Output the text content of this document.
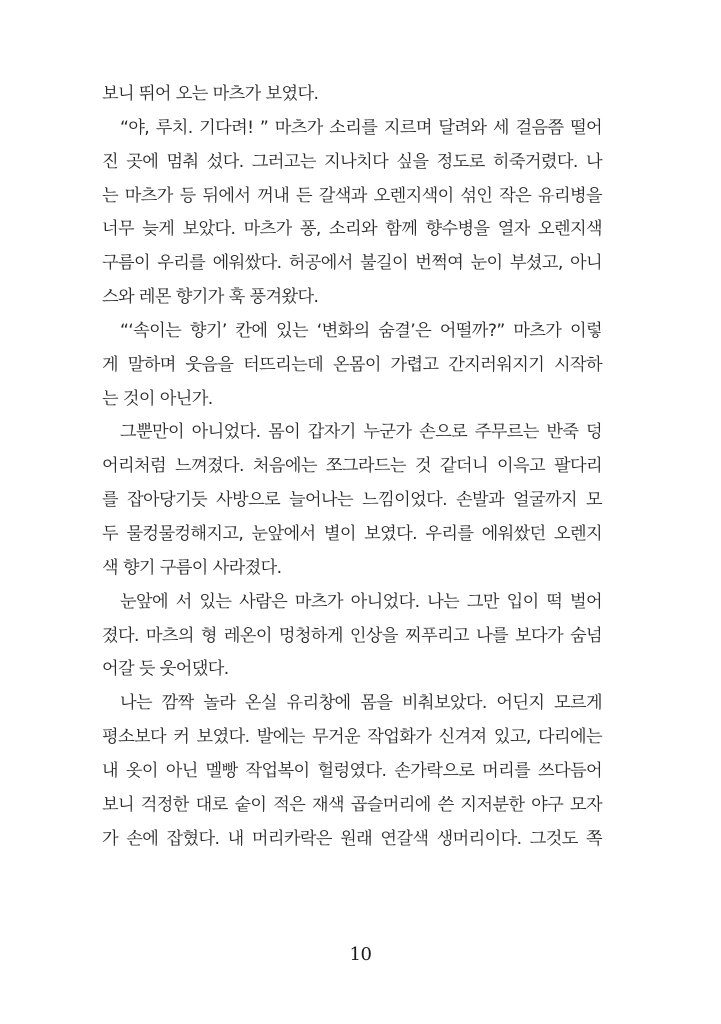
보니 뛰어 오는 마츠가 보였다.
“야, 루치. 기다려! ” 마츠가 소리를 지르며 달려와 세 걸음쯤 떨어
진 곳에 멈춰 섰다. 그러고는 지나치다 싶을 정도로 히죽거렸다. 나
는 마츠가 등 뒤에서 꺼내 든 갈색과 오렌지색이 섞인 작은 유리병을
너무 늦게 보았다. 마츠가 퐁, 소리와 함께 향수병을 열자 오렌지색
구름이 우리를 에워쌌다. 허공에서 불길이 번쩍여 눈이 부셨고, 아니
스와 레몬 향기가 훅 풍겨왔다.
“‘속이는 향기’ 칸에 있는 ‘변화의 숨결’은 어떨까?” 마츠가 이렇
게 말하며 웃음을 터뜨리는데 온몸이 가렵고 간지러워지기 시작하
는 것이 아닌가.
그뿐만이 아니었다. 몸이 갑자기 누군가 손으로 주무르는 반죽 덩
어리처럼 느껴졌다. 처음에는 쪼그라드는 것 같더니 이윽고 팔다리
를 잡아당기듯 사방으로 늘어나는 느낌이었다. 손발과 얼굴까지 모
두 물컹물컹해지고, 눈앞에서 별이 보였다. 우리를 에워쌌던 오렌지
색 향기 구름이 사라졌다.
눈앞에 서 있는 사람은 마츠가 아니었다. 나는 그만 입이 떡 벌어
졌다. 마츠의 형 레온이 멍청하게 인상을 찌푸리고 나를 보다가 숨넘
어갈 듯 웃어댔다.
나는 깜짝 놀라 온실 유리창에 몸을 비춰보았다. 어딘지 모르게
평소보다 커 보였다. 발에는 무거운 작업화가 신겨져 있고, 다리에는
내 옷이 아닌 멜빵 작업복이 헐렁였다. 손가락으로 머리를 쓰다듬어
보니 걱정한 대로 숱이 적은 재색 곱슬머리에 쓴 지저분한 야구 모자
가 손에 잡혔다. 내 머리카락은 원래 연갈색 생머리이다. 그것도 쪽
10
